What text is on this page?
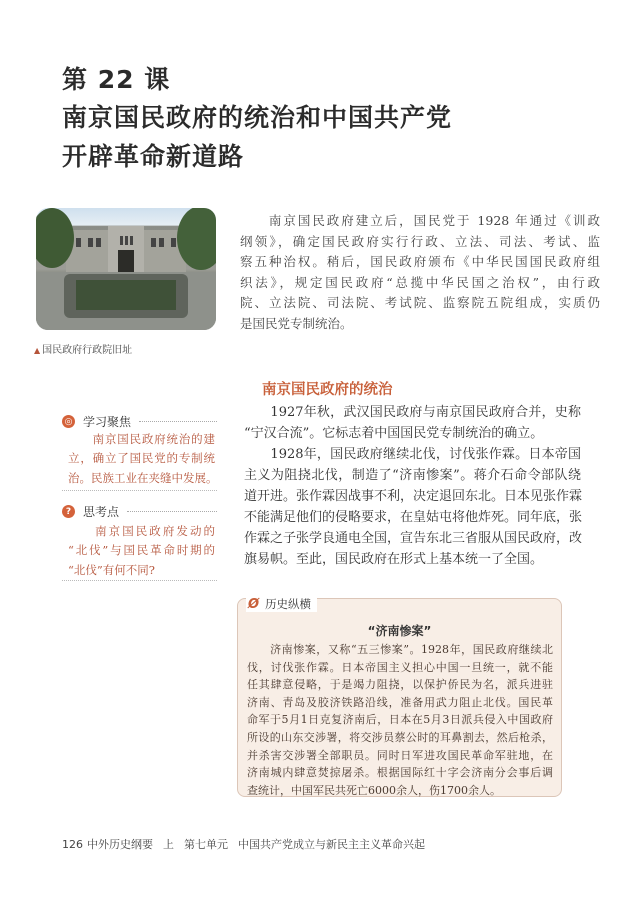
第 22 课
南京国民政府的统治和中国共产党
开辟革命新道路
▲ 国民政府行政院旧址
　　南京国民政府建立后，国民党于 1928 年通过《训政
纲领》，确定国民政府实行行政、立法、司法、考试、监
察五种治权。稍后，国民政府颁布《中华民国国民政府组
织法》，规定国民政府“总揽中华民国之治权”，由行政
院、立法院、司法院、考试院、监察院五院组成，实质仍
是国民党专制统治。
南京国民政府的统治
　　1927年秋，武汉国民政府与南京国民政府合并，史称
“宁汉合流”。它标志着中国国民党专制统治的确立。
　　1928年，国民政府继续北伐，讨伐张作霖。日本帝国
主义为阻挠北伐，制造了“济南惨案”。蒋介石命令部队绕
道开进。张作霖因战事不利，决定退回东北。日本见张作霖
不能满足他们的侵略要求，在皇姑屯将他炸死。同年底，张
作霖之子张学良通电全国，宣告东北三省服从国民政府，改
旗易帜。至此，国民政府在形式上基本统一了全国。
◎ 学习聚焦
　　南京国民政府统治的建
立，确立了国民党的专制统
治。民族工业在夹缝中发展。
? 思考点
　　南京国民政府发动的
“北伐”与国民革命时期的
“北伐”有何不同?
Ø 历史纵横
“济南惨案”
　　济南惨案，又称“五三惨案”。1928年，国民政府继续北
伐，讨伐张作霖。日本帝国主义担心中国一旦统一，就不能
任其肆意侵略，于是竭力阻挠，以保护侨民为名，派兵进驻
济南、青岛及胶济铁路沿线，准备用武力阻止北伐。国民革
命军于5月1日克复济南后，日本在5月3日派兵侵入中国政府
所设的山东交涉署，将交涉员蔡公时的耳鼻割去，然后枪杀，
并杀害交涉署全部职员。同时日军进攻国民革命军驻地，在
济南城内肆意焚掠屠杀。根据国际红十字会济南分会事后调
查统计，中国军民共死亡6000余人，伤1700余人。
126 中外历史纲要 上 第七单元 中国共产党成立与新民主主义革命兴起
